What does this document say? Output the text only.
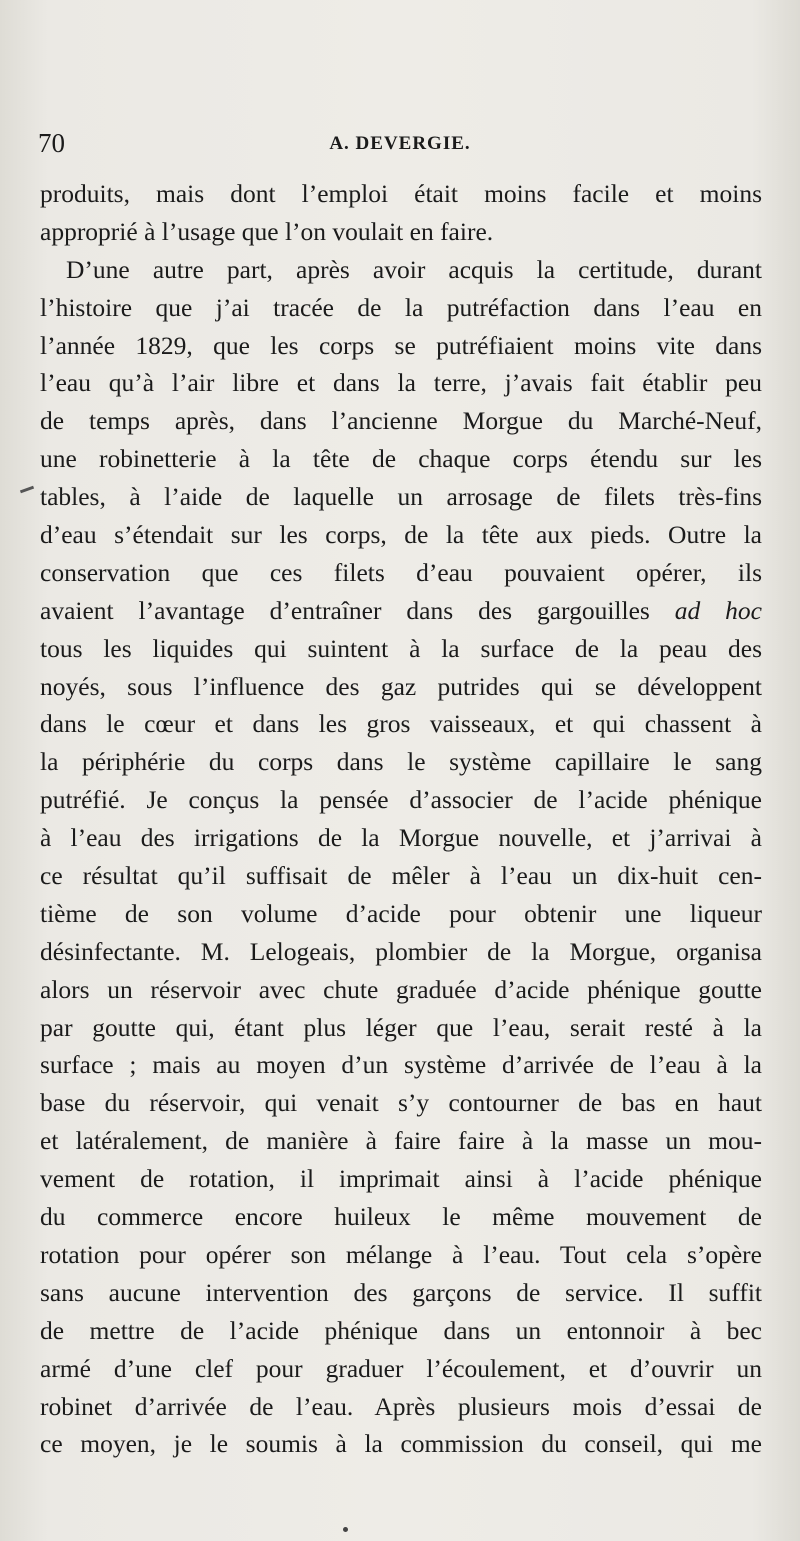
70	A. DEVERGIE.
produits, mais dont l’emploi était moins facile et moins
approprié à l’usage que l’on voulait en faire.
D’une autre part, après avoir acquis la certitude, durant
l’histoire que j’ai tracée de la putréfaction dans l’eau en
l’année 1829, que les corps se putréfiaient moins vite dans
l’eau qu’à l’air libre et dans la terre, j’avais fait établir peu
de temps après, dans l’ancienne Morgue du Marché-Neuf,
une robinetterie à la tête de chaque corps étendu sur les
tables, à l’aide de laquelle un arrosage de filets très-fins
d’eau s’étendait sur les corps, de la tête aux pieds. Outre la
conservation que ces filets d’eau pouvaient opérer, ils
avaient l’avantage d’entraîner dans des gargouilles ad hoc
tous les liquides qui suintent à la surface de la peau des
noyés, sous l’influence des gaz putrides qui se développent
dans le cœur et dans les gros vaisseaux, et qui chassent à
la périphérie du corps dans le système capillaire le sang
putréfié. Je conçus la pensée d’associer de l’acide phénique
à l’eau des irrigations de la Morgue nouvelle, et j’arrivai à
ce résultat qu’il suffisait de mêler à l’eau un dix-huit cen-
tième de son volume d’acide pour obtenir une liqueur
désinfectante. M. Lelogeais, plombier de la Morgue, organisa
alors un réservoir avec chute graduée d’acide phénique goutte
par goutte qui, étant plus léger que l’eau, serait resté à la
surface ; mais au moyen d’un système d’arrivée de l’eau à la
base du réservoir, qui venait s’y contourner de bas en haut
et latéralement, de manière à faire faire à la masse un mou-
vement de rotation, il imprimait ainsi à l’acide phénique
du commerce encore huileux le même mouvement de
rotation pour opérer son mélange à l’eau. Tout cela s’opère
sans aucune intervention des garçons de service. Il suffit
de mettre de l’acide phénique dans un entonnoir à bec
armé d’une clef pour graduer l’écoulement, et d’ouvrir un
robinet d’arrivée de l’eau. Après plusieurs mois d’essai de
ce moyen, je le soumis à la commission du conseil, qui me
